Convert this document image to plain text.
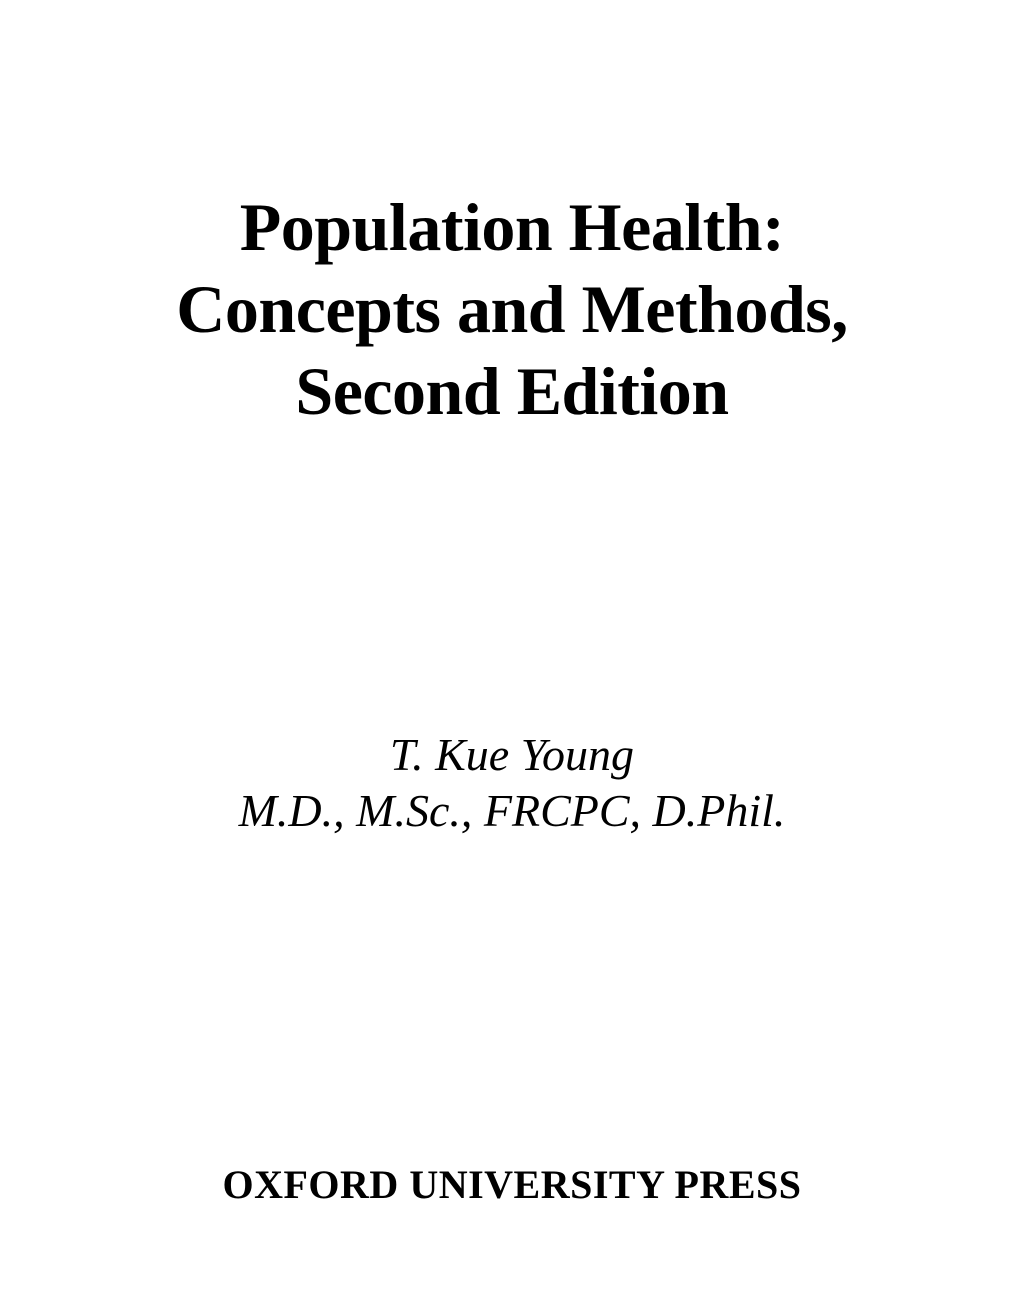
Population Health:
Concepts and Methods,
Second Edition
T. Kue Young
M.D., M.Sc., FRCPC, D.Phil.
OXFORD UNIVERSITY PRESS
